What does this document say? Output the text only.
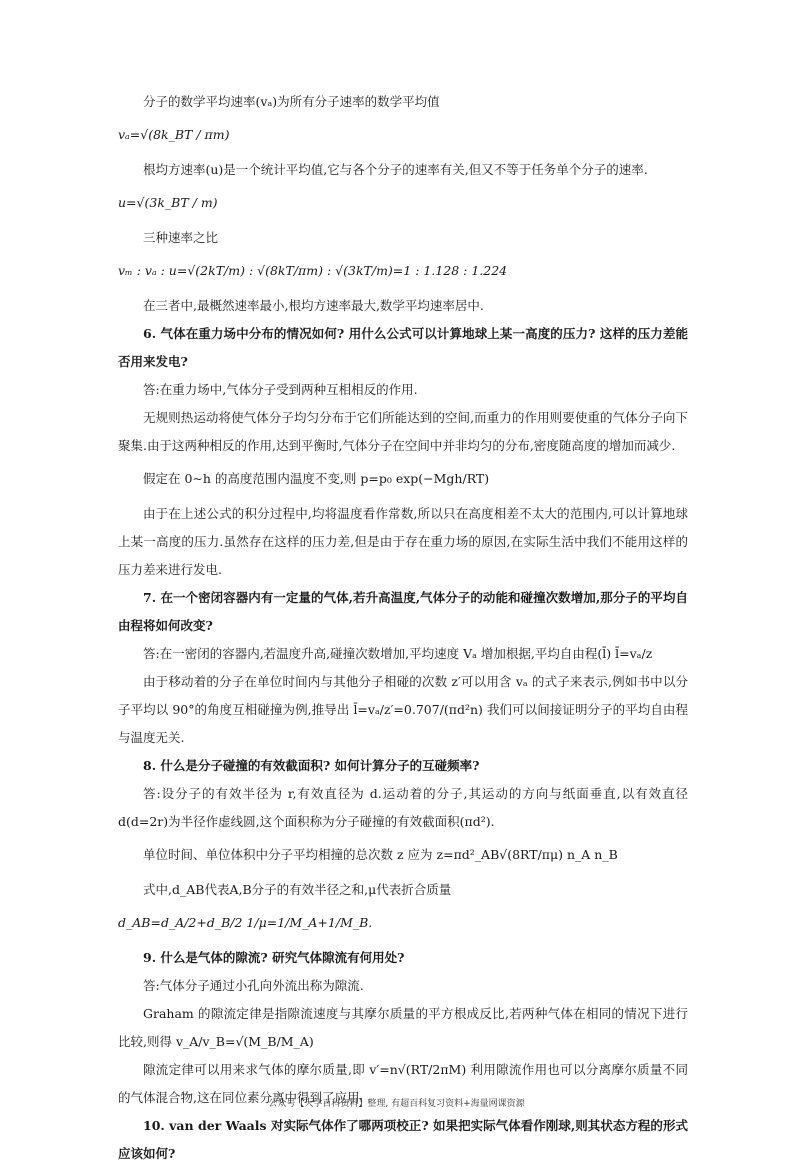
分子的数学平均速率(vₐ)为所有分子速率的数学平均值

vₐ=√(8k_BT / πm)

根均方速率(u)是一个统计平均值,它与各个分子的速率有关,但又不等于任务单个分子的速率.

u=√(3k_BT / m)

三种速率之比

vₘ : vₐ : u=√(2kT/m) : √(8kT/πm) : √(3kT/m)=1 : 1.128 : 1.224

在三者中,最概然速率最小,根均方速率最大,数学平均速率居中.

6. 气体在重力场中分布的情况如何? 用什么公式可以计算地球上某一高度的压力? 这样的压力差能否用来发电?

答:在重力场中,气体分子受到两种互相相反的作用.

无规则热运动将使气体分子均匀分布于它们所能达到的空间,而重力的作用则要使重的气体分子向下聚集.由于这两种相反的作用,达到平衡时,气体分子在空间中并非均匀的分布,密度随高度的增加而减少.

假定在 0∼h 的高度范围内温度不变,则 p=p₀ exp(−Mgh/RT)

由于在上述公式的积分过程中,均将温度看作常数,所以只在高度相差不太大的范围内,可以计算地球上某一高度的压力.虽然存在这样的压力差,但是由于存在重力场的原因,在实际生活中我们不能用这样的压力差来进行发电.

7. 在一个密闭容器内有一定量的气体,若升高温度,气体分子的动能和碰撞次数增加,那分子的平均自由程将如何改变?

答:在一密闭的容器内,若温度升高,碰撞次数增加,平均速度 Vₐ 增加根据,平均自由程(l̄) l̄=vₐ/z

由于移动着的分子在单位时间内与其他分子相碰的次数 z′可以用含 vₐ 的式子来表示,例如书中以分子平均以 90°的角度互相碰撞为例,推导出 l̄=vₐ/z′=0.707/(πd²n) 我们可以间接证明分子的平均自由程与温度无关.

8. 什么是分子碰撞的有效截面积? 如何计算分子的互碰频率?

答:设分子的有效半径为 r,有效直径为 d.运动着的分子,其运动的方向与纸面垂直,以有效直径 d(d=2r)为半径作虚线圆,这个面积称为分子碰撞的有效截面积(πd²).

单位时间、单位体积中分子平均相撞的总次数 z 应为 z=πd²_AB√(8RT/πμ) n_A n_B

式中,d_AB代表A,B分子的有效半径之和,μ代表折合质量

d_AB=d_A/2+d_B/2 1/μ=1/M_A+1/M_B.

9. 什么是气体的隙流? 研究气体隙流有何用处?

答:气体分子通过小孔向外流出称为隙流.

Graham 的隙流定律是指隙流速度与其摩尔质量的平方根成反比,若两种气体在相同的情况下进行比较,则得 v_A/v_B=√(M_B/M_A)

隙流定律可以用来求气体的摩尔质量,即 v′=n√(RT/2πM) 利用隙流作用也可以分离摩尔质量不同的气体混合物,这在同位素分离中得到了应用.

10. van der Waals 对实际气体作了哪两项校正? 如果把实际气体看作刚球,则其状态方程的形式应该如何?

公众号【大学百科资料】整理, 有超百科复习资料+海量网课资源
